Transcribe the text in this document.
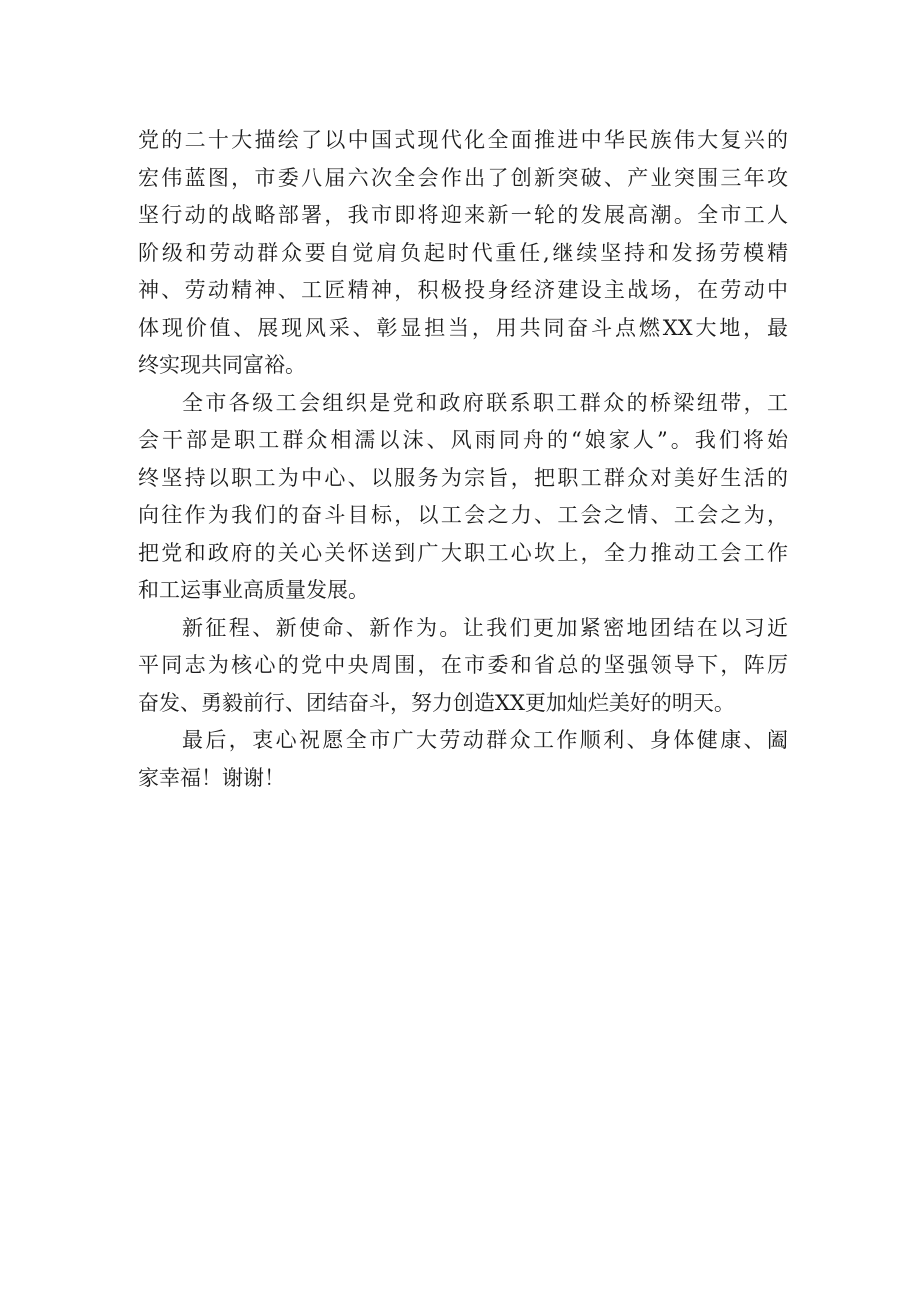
党的二十大描绘了以中国式现代化全面推进中华民族伟大复兴的
宏伟蓝图，市委八届六次全会作出了创新突破、产业突围三年攻
坚行动的战略部署，我市即将迎来新一轮的发展高潮。全市工人
阶级和劳动群众要自觉肩负起时代重任,继续坚持和发扬劳模精
神、劳动精神、工匠精神，积极投身经济建设主战场，在劳动中
体现价值、展现风采、彰显担当，用共同奋斗点燃XX大地，最
终实现共同富裕。
全市各级工会组织是党和政府联系职工群众的桥梁纽带，工
会干部是职工群众相濡以沫、风雨同舟的“娘家人”。我们将始
终坚持以职工为中心、以服务为宗旨，把职工群众对美好生活的
向往作为我们的奋斗目标，以工会之力、工会之情、工会之为，
把党和政府的关心关怀送到广大职工心坎上，全力推动工会工作
和工运事业高质量发展。
新征程、新使命、新作为。让我们更加紧密地团结在以习近
平同志为核心的党中央周围，在市委和省总的坚强领导下，阵厉
奋发、勇毅前行、团结奋斗，努力创造XX更加灿烂美好的明天。
最后，衷心祝愿全市广大劳动群众工作顺利、身体健康、阖
家幸福！谢谢！
